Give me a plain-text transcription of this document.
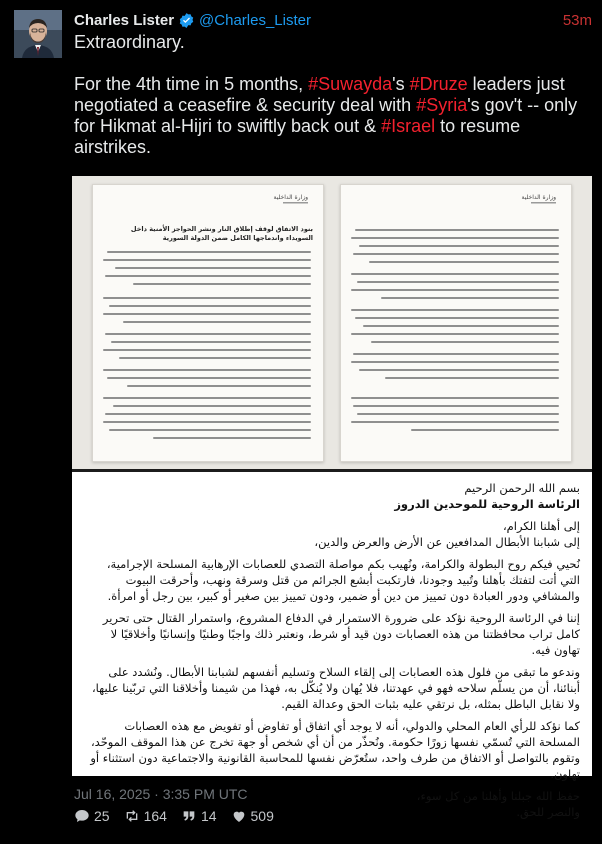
Charles Lister @Charles_Lister	53m

Extraordinary.

For the 4th time in 5 months, #Suwayda's #Druze leaders just negotiated a ceasefire & security deal with #Syria's gov't -- only for Hikmat al-Hijri to swiftly back out & #Israel to resume airstrikes.

وزارة الداخلية
بنود الاتفاق لوقف إطلاق النار ونشر الحواجز الأمنية داخل السويداء واندماجها الكامل ضمن الدولة السورية
وزارة الداخلية

بسم الله الرحمن الرحيم

الرئاسة الروحية للموحدين الدروز

إلى أهلنا الكرام،

إلى شبابنا الأبطال المدافعين عن الأرض والعرض والدين،

نُحيي فيكم روح البطولة والكرامة، ونُهيب بكم مواصلة التصدي للعصابات الإرهابية المسلحة الإجرامية، التي أتت لتفتك بأهلنا وتُبيد وجودنا، فارتكبت أبشع الجرائم من قتل وسرقة ونهب، وأحرقت البيوت والمشافي ودور العبادة دون تمييز من دين أو ضمير، ودون تمييز بين صغير أو كبير، بين رجل أو امرأة.

إننا في الرئاسة الروحية نؤكد على ضرورة الاستمرار في الدفاع المشروع، واستمرار القتال حتى تحرير كامل تراب محافظتنا من هذه العصابات دون قيد أو شرط، ونعتبر ذلك واجبًا وطنيًا وإنسانيًا وأخلاقيًا لا تهاون فيه.

وندعو ما تبقى من فلول هذه العصابات إلى إلقاء السلاح وتسليم أنفسهم لشبابنا الأبطال. ونُشدد على أبنائنا، أن من يسلّم سلاحه فهو في عهدتنا، فلا يُهان ولا يُنكّل به، فهذا من شيمنا وأخلاقنا التي تربّينا عليها، ولا نقابل الباطل بمثله، بل نرتقي عليه بثبات الحق وعدالة القيم.

كما نؤكد للرأي العام المحلي والدولي، أنه لا يوجد أي اتفاق أو تفاوض أو تفويض مع هذه العصابات المسلحة التي تُسمّي نفسها زورًا حكومة. ونُحذّر من أن أي شخص أو جهة تخرج عن هذا الموقف الموحّد، وتقوم بالتواصل أو الاتفاق من طرف واحد، ستُعرّض نفسها للمحاسبة القانونية والاجتماعية دون استثناء أو تهاون.

حفظ الله جبلنا وأهلنا من كل سوء،

والنصر للحق.

Jul 16, 2025 · 3:35 PM UTC
25 164 14 509
